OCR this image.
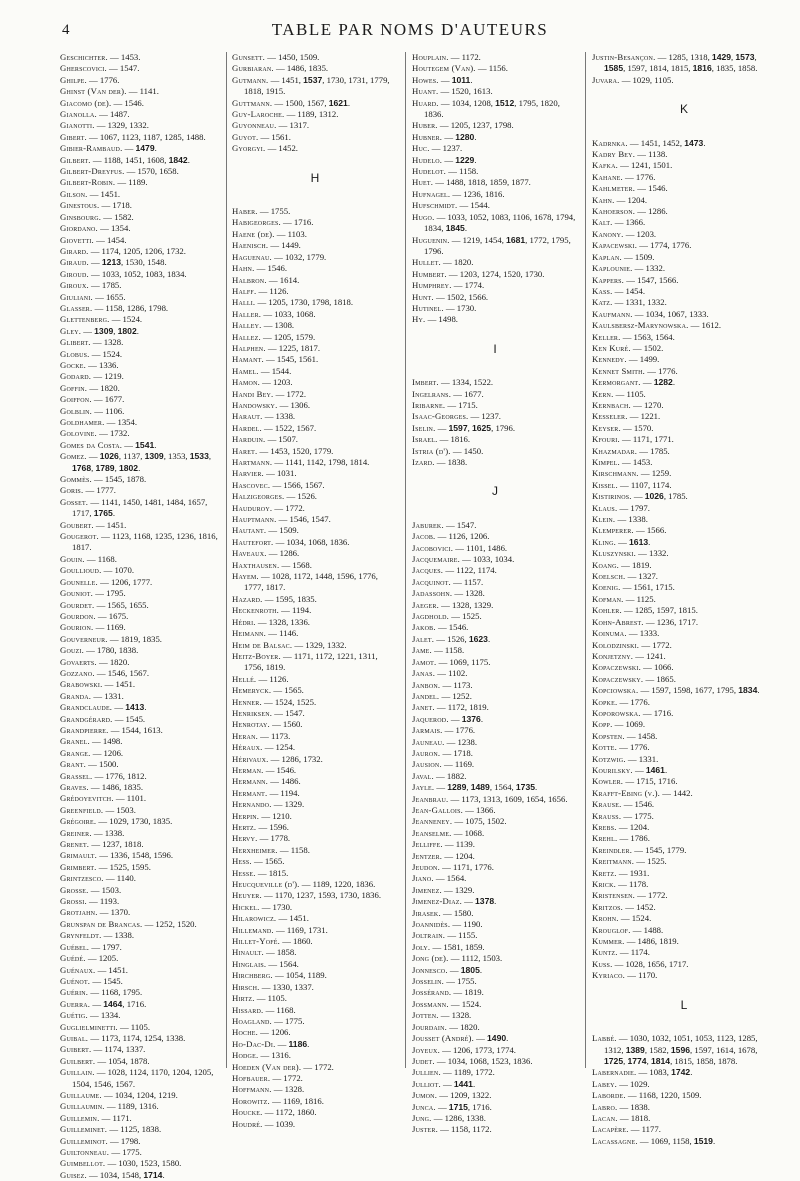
4	TABLE PAR NOMS D'AUTEURS
Geschichter. — 1453.
Gherscovici. — 1547.
Ghilpe. — 1776.
Ghinst (Van der). — 1141.
Giacomo (de). — 1546.
Gianolla. — 1487.
Gianotti. — 1329, 1332.
Gibert. — 1067, 1123, 1187, 1285, 1488.
Gibier-Rambaud. — 1479.
Gilbert. — 1188, 1451, 1608, 1842.
Gilbert-Dreyfus. — 1570, 1658.
Gilbert-Robin. — 1189.
Gilson. — 1451.
Ginestous. — 1718.
Ginsbourg. — 1582.
Giordano. — 1354.
Giovetti. — 1454.
Girard. — 1174, 1205, 1206, 1732.
Giraud. — 1213, 1530, 1548.
Giroud. — 1033, 1052, 1083, 1834.
Giroux. — 1785.
Giuliani. — 1655.
Glasser. — 1158, 1286, 1798.
Glettenberg. — 1524.
Gley. — 1309, 1802.
Glibert. — 1328.
Globus. — 1524.
Gocke. — 1336.
Godard. — 1219.
Goffin. — 1820.
Goiffon. — 1677.
Golblin. — 1106.
Goldhamer. — 1354.
Golovine. — 1732.
Gomes da Costa. — 1541.
Gomez. — 1026, 1137, 1309, 1353, 1533, 1768, 1789, 1802.
Gommès. — 1545, 1878.
Goris. — 1777.
Gosset. — 1141, 1450, 1481, 1484, 1657, 1717, 1765.
Goubert. — 1451.
Gougerot. — 1123, 1168, 1235, 1236, 1816, 1817.
Gouin. — 1168.
Goullioud. — 1070.
Gounelle. — 1206, 1777.
Gouniot. — 1795.
Gourdet. — 1565, 1655.
Gourdon. — 1675.
Gourion. — 1169.
Gouverneur. — 1819, 1835.
Gouzi. — 1780, 1838.
Govaerts. — 1820.
Gozzano. — 1546, 1567.
Grabowski. — 1451.
Granda. — 1331.
Grandclaude. — 1413.
Grandgérard. — 1545.
Grandpierre. — 1544, 1613.
Granel. — 1498.
Grange. — 1206.
Grant. — 1500.
Grassel. — 1776, 1812.
Graves. — 1486, 1835.
Grédoyevitch. — 1101.
Greenfield. — 1503.
Grégoire. — 1029, 1730, 1835.
Greiner. — 1338.
Grenet. — 1237, 1818.
Grimault. — 1336, 1548, 1596.
Grimbert. — 1525, 1595.
Grintzesco. — 1140.
Grosse. — 1503.
Grossi. — 1193.
Grotjahn. — 1370.
Grunspan de Brancas. — 1252, 1520.
Grynfeldt. — 1338.
Guébel. — 1797.
Guédé. — 1205.
Guénaux. — 1451.
Guénot. — 1545.
Guérin. — 1168, 1795.
Guerra. — 1464, 1716.
Guétig. — 1334.
Guglielminetti. — 1105.
Guibal. — 1173, 1174, 1254, 1338.
Guibert. — 1174, 1337.
Guilbert. — 1054, 1878.
Guillain. — 1028, 1124, 1170, 1204, 1205, 1504, 1546, 1567.
Guillaume. — 1034, 1204, 1219.
Guillaumin. — 1189, 1316.
Guillemin. — 1171.
Guilleminet. — 1125, 1838.
Guilleminot. — 1798.
Guiltonneau. — 1775.
Guimbellot. — 1030, 1523, 1580.
Guisez. — 1034, 1548, 1714.
Gunsett. — 1450, 1509.
Gurbiaran. — 1486, 1835.
Gutmann. — 1451, 1537, 1730, 1731, 1779, 1818, 1915.
Guttmann. — 1500, 1567, 1621.
Guy-Laroche. — 1189, 1312.
Guyonneau. — 1317.
Guyot. — 1561.
Gyorgyi. — 1452.
H
Haber. — 1755.
Habigeorges. — 1716.
Haene (de). — 1103.
Haenisch. — 1449.
Haguenau. — 1032, 1779.
Hahn. — 1546.
Halbron. — 1614.
Halff. — 1126.
Halli. — 1205, 1730, 1798, 1818.
Haller. — 1033, 1068.
Halley. — 1308.
Hallez. — 1205, 1579.
Halphen. — 1225, 1817.
Hamant. — 1545, 1561.
Hamel. — 1544.
Hamon. — 1203.
Handi Bey. — 1772.
Handowsky. — 1306.
Haraut. — 1338.
Hardel. — 1522, 1567.
Harduin. — 1507.
Haret. — 1453, 1520, 1779.
Hartmann. — 1141, 1142, 1798, 1814.
Harvier. — 1031.
Hascovec. — 1566, 1567.
Halzigeorges. — 1526.
Hauduroy. — 1772.
Hauptmann. — 1546, 1547.
Hautant. — 1509.
Hautefort. — 1034, 1068, 1836.
Haveaux. — 1286.
Haxthausen. — 1568.
Hayem. — 1028, 1172, 1448, 1596, 1776, 1777, 1817.
Hazard. — 1595, 1835.
Heckenroth. — 1194.
Hédri. — 1328, 1336.
Heimann. — 1146.
Heim de Balsac. — 1329, 1332.
Heitz-Boyer. — 1171, 1172, 1221, 1311, 1756, 1819.
Hellé. — 1126.
Hemeryck. — 1565.
Henner. — 1524, 1525.
Henriksen. — 1547.
Henrotay. — 1560.
Heran. — 1173.
Héraux. — 1254.
Hérivaux. — 1286, 1732.
Herman. — 1546.
Hermann. — 1486.
Hermant. — 1194.
Hernando. — 1329.
Herpin. — 1210.
Hertz. — 1596.
Hervy. — 1778.
Herxheimer. — 1158.
Hess. — 1565.
Hesse. — 1815.
Heucqueville (d'). — 1189, 1220, 1836.
Heuyer. — 1170, 1237, 1593, 1730, 1836.
Hickel. — 1730.
Hilarowicz. — 1451.
Hillemand. — 1169, 1731.
Hillet-Yofé. — 1860.
Hinault. — 1858.
Hinglais. — 1564.
Hirchberg. — 1054, 1189.
Hirsch. — 1330, 1337.
Hirtz. — 1105.
Hissard. — 1168.
Hoagland. — 1775.
Hoche. — 1206.
Ho-Dac-Di. — 1186.
Hodge. — 1316.
Hoeden (Van der). — 1772.
Hofbauer. — 1772.
Hoffmann. — 1328.
Horowitz. — 1169, 1816.
Houcke. — 1172, 1860.
Houdré. — 1039.
Houplain. — 1172.
Houtegem (Van). — 1156.
Howes. — 1011.
Huant. — 1520, 1613.
Huard. — 1034, 1208, 1512, 1795, 1820, 1836.
Huber. — 1205, 1237, 1798.
Hubner. — 1280.
Huc. — 1237.
Hudelo. — 1229.
Hudelot. — 1158.
Huet. — 1488, 1818, 1859, 1877.
Hufnagel. — 1236, 1816.
Hufschmidt. — 1544.
Hugo. — 1033, 1052, 1083, 1106, 1678, 1794, 1834, 1845.
Huguenin. — 1219, 1454, 1681, 1772, 1795, 1796.
Hullet. — 1820.
Humbert. — 1203, 1274, 1520, 1730.
Humphrey. — 1774.
Hunt. — 1502, 1566.
Hutinel. — 1730.
Hy. — 1498.
I
Imbert. — 1334, 1522.
Ingelrans. — 1677.
Iribarne. — 1715.
Isaac-Georges. — 1237.
Iselin. — 1597, 1625, 1796.
Israel. — 1816.
Istria (d'). — 1450.
Izard. — 1838.
J
Jaburek. — 1547.
Jacob. — 1126, 1206.
Jacobovici. — 1101, 1486.
Jacquemaire. — 1033, 1034.
Jacques. — 1122, 1174.
Jacquinot. — 1157.
Jadassohn. — 1328.
Jaeger. — 1328, 1329.
Jagdhold. — 1525.
Jakob. — 1546.
Jalet. — 1526, 1623.
Jame. — 1158.
Jamot. — 1069, 1175.
Janas. — 1102.
Janbon. — 1173.
Jandel. — 1252.
Janet. — 1172, 1819.
Jaquerod. — 1376.
Jarmais. — 1776.
Jauneau. — 1238.
Jauron. — 1718.
Jausion. — 1169.
Javal. — 1882.
Jayle. — 1289, 1489, 1564, 1735.
Jeanbrau. — 1173, 1313, 1609, 1654, 1656.
Jean-Gallois. — 1366.
Jeanneney. — 1075, 1502.
Jeanselme. — 1068.
Jelliffe. — 1139.
Jentzer. — 1204.
Jeudon. — 1171, 1776.
Jiano. — 1564.
Jimenez. — 1329.
Jimenez-Diaz. — 1378.
Jirasek. — 1580.
Joannidès. — 1190.
Joltrain. — 1155.
Joly. — 1581, 1859.
Jong (de). — 1112, 1503.
Jonnesco. — 1805.
Josselin. — 1755.
Jossérand. — 1819.
Jossmann. — 1524.
Jotten. — 1328.
Jourdain. — 1820.
Jousset (André). — 1490.
Joyeux. — 1206, 1773, 1774.
Judet. — 1034, 1068, 1523, 1836.
Jullien. — 1189, 1772.
Julliot. — 1441.
Jumon. — 1209, 1322.
Junca. — 1715, 1716.
Jung. — 1286, 1338.
Juster. — 1158, 1172.
Justin-Besançon. — 1285, 1318, 1429, 1573, 1585, 1597, 1814, 1815, 1816, 1835, 1858.
Juvara. — 1029, 1105.
K
Kadrnka. — 1451, 1452, 1473.
Kadry Bey. — 1138.
Kafka. — 1241, 1501.
Kahane. — 1776.
Kahlmeter. — 1546.
Kahn. — 1204.
Kahoerson. — 1286.
Kalt. — 1366.
Kanony. — 1203.
Kapacewski. — 1774, 1776.
Kaplan. — 1509.
Kaplounie. — 1332.
Kappers. — 1547, 1566.
Kass. — 1454.
Katz. — 1331, 1332.
Kaufmann. — 1034, 1067, 1333.
Kaulsbersz-Marynowska. — 1612.
Keller. — 1563, 1564.
Ken Kuré. — 1502.
Kennedy. — 1499.
Kennet Smith. — 1776.
Kermorgant. — 1282.
Kern. — 1105.
Kernbach. — 1270.
Kesseler. — 1221.
Keyser. — 1570.
Kfouri. — 1171, 1771.
Khazmadar. — 1785.
Kimpel. — 1453.
Kirschmann. — 1259.
Kissel. — 1107, 1174.
Kistirinos. — 1026, 1785.
Klaus. — 1797.
Klein. — 1338.
Klemperer. — 1566.
Kling. — 1613.
Kluszynski. — 1332.
Koang. — 1819.
Koelsch. — 1327.
Koenig. — 1561, 1715.
Kofman. — 1125.
Kohler. — 1285, 1597, 1815.
Kohn-Abrest. — 1236, 1717.
Koinuma. — 1333.
Kolodzinski. — 1772.
Konjetzny. — 1241.
Kopaczewski. — 1066.
Kopaczewsky. — 1865.
Kopciowska. — 1597, 1598, 1677, 1795, 1834.
Kopke. — 1776.
Koporowska. — 1716.
Kopp. — 1069.
Kopsten. — 1458.
Kotte. — 1776.
Kotzwig. — 1331.
Kourilsky. — 1461.
Kowler. — 1715, 1716.
Krafft-Ebing (v.). — 1442.
Krause. — 1546.
Krauss. — 1775.
Krebs. — 1204.
Krehl. — 1786.
Kreindler. — 1545, 1779.
Kreitmann. — 1525.
Kretz. — 1931.
Krick. — 1178.
Kristensen. — 1772.
Kritzos. — 1452.
Krohn. — 1524.
Krouglof. — 1488.
Kummer. — 1486, 1819.
Kuntz. — 1174.
Kuss. — 1028, 1656, 1717.
Kyriaco. — 1170.
L
Labbé. — 1030, 1032, 1051, 1053, 1123, 1285, 1312, 1389, 1582, 1596, 1597, 1614, 1678, 1725, 1774, 1814, 1815, 1858, 1878.
Labernadie. — 1083, 1742.
Labey. — 1029.
Laborde. — 1168, 1220, 1509.
Labro. — 1838.
Lacan. — 1818.
Lacapère. — 1177.
Lacassagne. — 1069, 1158, 1519.
